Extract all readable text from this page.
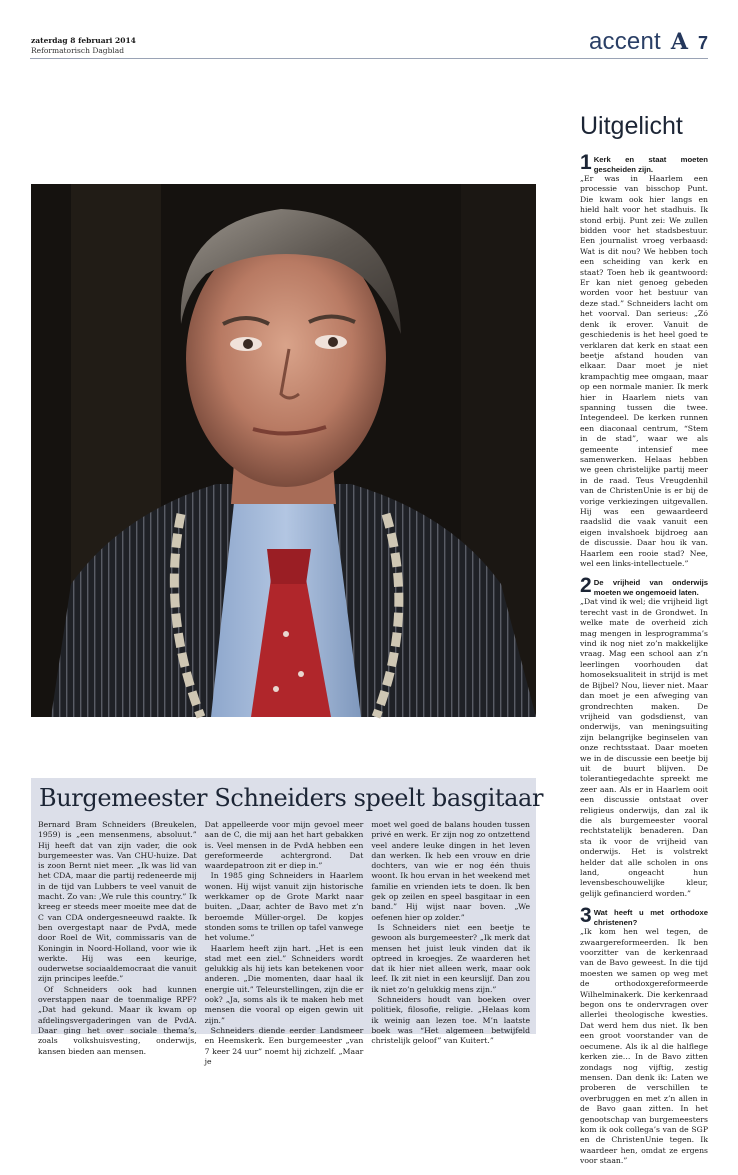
zaterdag 8 februari 2014
Reformatorisch Dagblad	accent A 7
Burgemeester Schneiders speelt basgitaar

Bernard Bram Schneiders (Breukelen, 1959) is „een mensenmens, absoluut.” Hij heeft dat van zijn vader, die ook burgemeester was. Van CHU-huize. Dat is zoon Bernt niet meer. „Ik was lid van het CDA, maar die partij redeneerde mij in de tijd van Lubbers te veel vanuit de macht. Zo van: ‚We rule this country.” Ik kreeg er steeds meer moeite mee dat de C van CDA ondergesneeuwd raakte. Ik ben overgestapt naar de PvdA, mede door Roel de Wit, commissaris van de Koningin in Noord-Holland, voor wie ik werkte. Hij was een keurige, ouderwetse sociaaldemocraat die vanuit zijn principes leefde.”

Of Schneiders ook had kunnen overstappen naar de toenmalige RPF? „Dat had gekund. Maar ik kwam op afdelingsvergaderingen van de PvdA. Daar ging het over sociale thema’s, zoals volkshuisvesting, onderwijs, kansen bieden aan mensen.

Dat appelleerde voor mijn gevoel meer aan de C, die mij aan het hart gebakken is. Veel mensen in de PvdA hebben een gereformeerde achtergrond. Dat waardepatroon zit er diep in.”

In 1985 ging Schneiders in Haarlem wonen. Hij wijst vanuit zijn historische werkkamer op de Grote Markt naar buiten. „Daar, achter de Bavo met z’n beroemde Müller-orgel. De kopjes stonden soms te trillen op tafel vanwege het volume.”

Haarlem heeft zijn hart. „Het is een stad met een ziel.” Schneiders wordt gelukkig als hij iets kan betekenen voor anderen. „Die momenten, daar haal ik energie uit.” Teleurstellingen, zijn die er ook? „Ja, soms als ik te maken heb met mensen die vooral op eigen gewin uit zijn.”

Schneiders diende eerder Landsmeer en Heemskerk. Een burgemeester „van 7 keer 24 uur” noemt hij zichzelf. „Maar je

moet wel goed de balans houden tussen privé en werk. Er zijn nog zo ontzettend veel andere leuke dingen in het leven dan werken. Ik heb een vrouw en drie dochters, van wie er nog één thuis woont. Ik hou ervan in het weekend met familie en vrienden iets te doen. Ik ben gek op zeilen en speel basgitaar in een band.” Hij wijst naar boven. „We oefenen hier op zolder.”

Is Schneiders niet een beetje te gewoon als burgemeester? „Ik merk dat mensen het juist leuk vinden dat ik optreed in kroegjes. Ze waarderen het dat ik hier niet alleen werk, maar ook leef. Ik zit niet in een keurslijf. Dan zou ik niet zo’n gelukkig mens zijn.”

Schneiders houdt van boeken over politiek, filosofie, religie. „Helaas kom ik weinig aan lezen toe. M’n laatste boek was “Het algemeen betwijfeld christelijk geloof” van Kuitert.”

Uitgelicht
1 Kerk en staat moeten gescheiden zijn.

„Er was in Haarlem een processie van bisschop Punt. Die kwam ook hier langs en hield halt voor het stadhuis. Ik stond erbij. Punt zei: We zullen bidden voor het stadsbestuur. Een journalist vroeg verbaasd: Wat is dit nou? We hebben toch een scheiding van kerk en staat? Toen heb ik geantwoord: Er kan niet genoeg gebeden worden voor het bestuur van deze stad.” Schneiders lacht om het voorval. Dan serieus: „Zó denk ik erover. Vanuit de geschiedenis is het heel goed te verklaren dat kerk en staat een beetje afstand houden van elkaar. Daar moet je niet krampachtig mee omgaan, maar op een normale manier. Ik merk hier in Haarlem niets van spanning tussen die twee. Integendeel. De kerken runnen een diaconaal centrum, “Stem in de stad”, waar we als gemeente intensief mee samenwerken. Helaas hebben we geen christelijke partij meer in de raad. Teus Vreugdenhil van de ChristenUnie is er bij de vorige verkiezingen uitgevallen. Hij was een gewaardeerd raadslid die vaak vanuit een eigen invalshoek bijdroeg aan de discussie. Daar hou ik van. Haarlem een rooie stad? Nee, wel een links-intellectuele.”

2 De vrijheid van onderwijs moeten we ongemoeid laten.

„Dat vind ik wel; die vrijheid ligt terecht vast in de Grondwet. In welke mate de overheid zich mag mengen in lesprogramma’s vind ik nog niet zo’n makkelijke vraag. Mag een school aan z’n leerlingen voorhouden dat homoseksualiteit in strijd is met de Bijbel? Nou, liever niet. Maar dan moet je een afweging van grondrechten maken. De vrijheid van godsdienst, van onderwijs, van meningsuiting zijn belangrijke beginselen van onze rechtsstaat. Daar moeten we in de discussie een beetje bij uit de buurt blijven. De tolerantiegedachte spreekt me zeer aan. Als er in Haarlem ooit een discussie ontstaat over religieus onderwijs, dan zal ik die als burgemeester vooral rechtstatelijk benaderen. Dan sta ik voor de vrijheid van onderwijs. Het is volstrekt helder dat alle scholen in ons land, ongeacht hun levensbeschouwelijke kleur, gelijk gefinancierd worden.”

3 Wat heeft u met orthodoxe christenen?

„Ik kom hen wel tegen, de zwaargereformeerden. Ik ben voorzitter van de kerkenraad van de Bavo geweest. In die tijd moesten we samen op weg met de orthodoxgereformeerde Wilhelminakerk. Die kerkenraad begon ons te ondervragen over allerlei theologische kwesties. Dat werd hem dus niet. Ik ben een groot voorstander van de oecumene. Als ik al die halflege kerken zie… In de Bavo zitten zondags nog vijftig, zestig mensen. Dan denk ik: Laten we proberen de verschillen te overbruggen en met z’n allen in de Bavo gaan zitten. In het genootschap van burgemeesters kom ik ook collega’s van de SGP en de ChristenUnie tegen. Ik waardeer hen, omdat ze ergens voor staan.”
